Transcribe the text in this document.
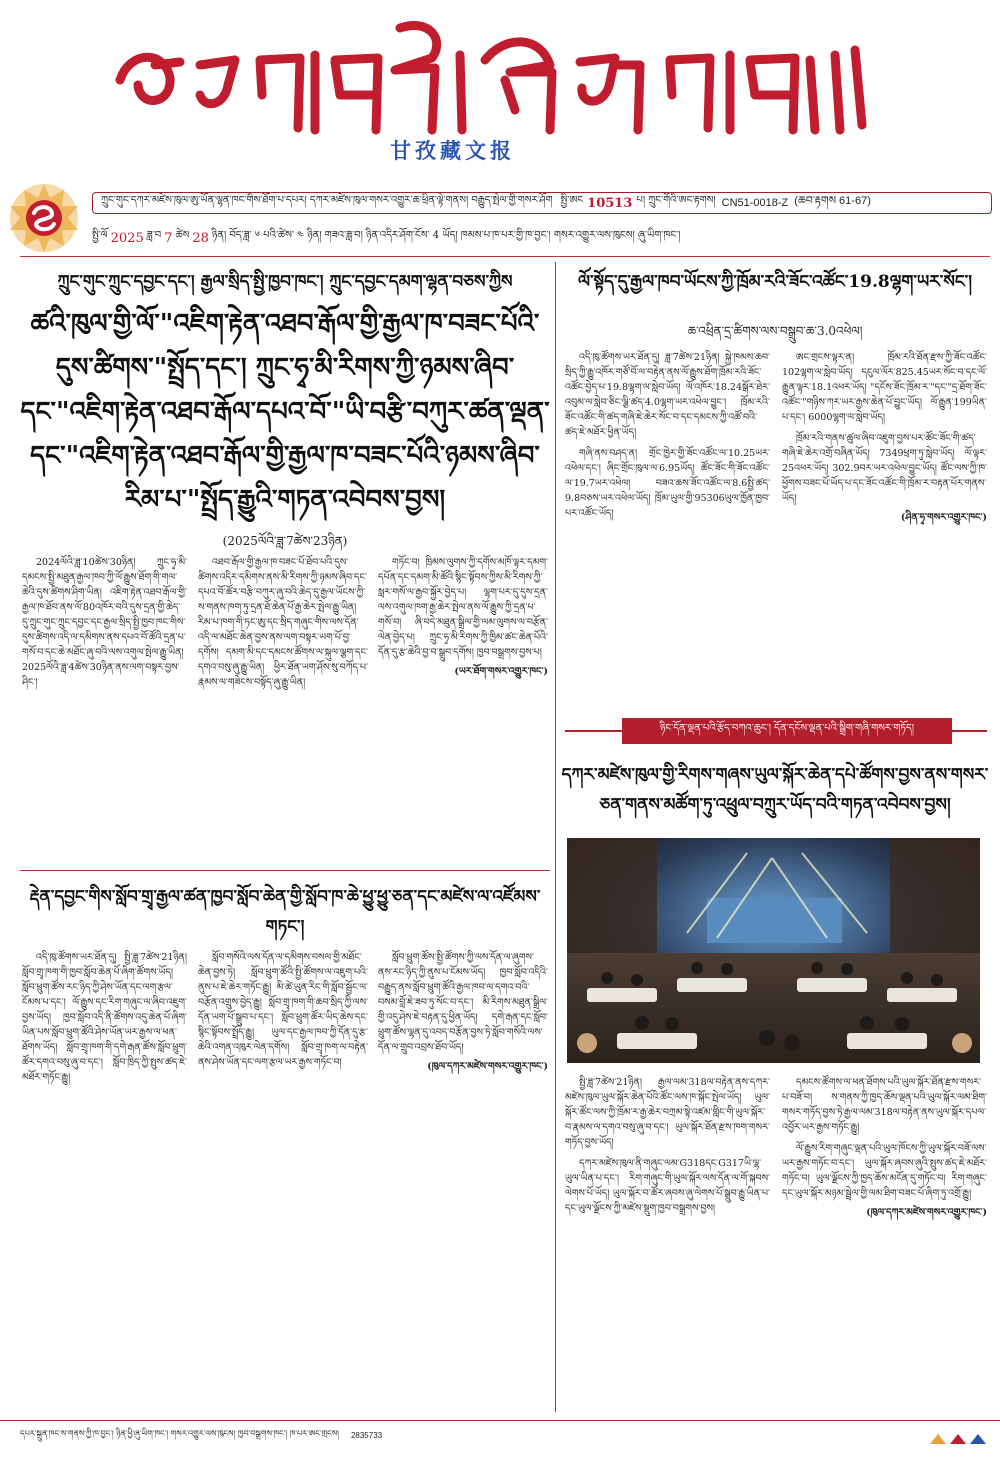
甘孜藏文报
ཀྲུང་གུང་དཀར་མཛེས་ཁུལ་ཨུ་ཡོན་ལྷན་ཁང་གིས་ཐོག་པ་དཔར། དཀར་མཛེས་ཁུལ་གསར་འགྱུར་ཆ་ཕྲིན་ལྟེ་གནས། བརྒྱུད་སྤེལ་གྱི་གསར་ཤོག སྤྱི་ཨང 10513 པ། ཀྲུང་གོའི་ཨང་རྟགས། CN51-0018-Z (ཆབ་རྟགས 61-67)
སྤྱི་ལོ 2025 ཟླ་བ 7 ཚེས 28 ཉིན། བོད་ཟླ་ ༦ པའི་ཚེས་ ༤ ཉིན། གཟའ་ཟླ་བ། ཉིན་འདིར་ཤོག་ངོས་ 4 ཡོད། ཁམས་པ་ཁ་པར་གྱི་ཁ་བྱང་། གསར་འགྱུར་ལས་ཁུངས། ཞུ་ཡིག་ཁང་།
ཀྲུང་གུང་ཀྲུང་དབྱང་དང་། རྒྱལ་སྲིད་སྤྱི་ཁྱབ་ཁང་། ཀྲུང་དབྱང་དམག་ལྷན་བཅས་ཀྱིས
ཚའི་ཁུལ་གྱི་ལོ་"འཇིག་རྟེན་འཐབ་རྒོལ་གྱི་རྒྱལ་ཁ་བཟང་པོའི་དུས་ཚིགས་"སྤྲོད་དང་། ཀྲུང་ཧྭ་མི་རིགས་ཀྱི་ཉམས་ཞིབ་དང་"འཇིག་རྟེན་འཐབ་རྒོལ་དཔའ་བོ་"ཡི་བརྩི་བཀུར་ཚན་ལྡན་དང་"འཇིག་རྟེན་འཐབ་རྒོལ་གྱི་རྒྱལ་ཁ་བཟང་པོའི་ཉམས་ཞིབ་རིམ་པ་"སྤྲོད་རྒྱུའི་གཏན་འབེབས་བྱས།
(2025ལོའི་ཟླ་7ཚེས་23ཉིན)

2024ལོའི་ཟླ་10ཚེས་30ཉིན། ཀྲུང་ཧྭ་མི་དམངས་སྤྱི་མཐུན་རྒྱལ་ཁབ་ཀྱི་ལོ་རྒྱུས་ཐོག་གི་གལ་ཆེའི་དུས་ཚིགས་ཤིག་ཡིན། འཇིག་རྟེན་འཐབ་རྒོལ་གྱི་རྒྱལ་ཁ་ཐོབ་ནས་ལོ་80འཁོར་བའི་དུས་དྲན་གྱི་ཆེད་དུ་ཀྲུང་གུང་ཀྲུང་དབྱང་དང་རྒྱལ་སྲིད་སྤྱི་ཁྱབ་ཁང་གིས་དུས་ཚིགས་འདི་ལ་དམིགས་ནས་དཔའ་བོ་ཚོའི་དྲན་པ་གསོ་བ་དང་ཆེ་མཐོང་ཞུ་བའི་ལས་འགུལ་སྤེལ་རྒྱུ་ཡིན། 2025ལོའི་ཟླ་4ཚེས་30ཉིན་ནས་ལག་བསྟར་བྱས་ཤིང་།

འཐབ་རྒོལ་གྱི་རྒྱལ་ཁ་བཟང་པོ་ཐོབ་པའི་དུས་ཚིགས་འདིར་དམིགས་ནས་མི་རིགས་ཀྱི་ཉམས་ཞིབ་དང་དཔའ་བོ་ཚོར་བརྩི་བཀུར་ཞུ་བའི་ཆེད་དུ་རྒྱལ་ཡོངས་ཀྱི་ས་གནས་ཁག་ཏུ་དྲན་ཐོ་ཆེན་པོ་རྒྱ་ཆེར་སྤེལ་རྒྱུ་ཡིན། རིམ་པ་ཁག་གི་ཏང་ཨུ་དང་སྲིད་གཞུང་གིས་ལས་དོན་འདི་ལ་མཐོང་ཆེན་བྱས་ནས་ལག་བསྟར་ཡག་པོ་བྱ་དགོས། དམག་མི་དང་དམངས་ཚོགས་ལ་སྐུལ་ལྕག་དང་དགའ་བསུ་ཞུ་རྒྱུ་ཡིན། ཕྱིར་ཐོན་ཡག་ཤོས་སུ་བཀོད་པ་རྣམས་ལ་གཟེངས་བསྟོད་ཞུ་རྒྱུ་ཡིན།

གཏོང་བ། ཁྲིམས་ལུགས་ཀྱི་དགོས་མཁོ་ལྟར་དམག་དཔོན་དང་དམག་མི་ཚོའི་སྙིང་སྟོབས་ཀྱིས་མི་རིགས་ཀྱི་སླར་གསོ་ལ་རྒྱབ་སྐྱོར་བྱེད་པ། ལྷག་པར་དུ་དུས་དྲན་ལས་འགུལ་ཁག་རྒྱ་ཆེར་སྤེལ་ནས་ལོ་རྒྱུས་ཀྱི་དྲན་པ་གསོ་བ། ཞི་བདེ་མཐུན་སྒྲིལ་གྱི་ལམ་ལུགས་ལ་བརྩོན་ལེན་བྱེད་པ། ཀྲུང་ཧྭ་མི་རིགས་ཀྱི་ཁྱིམ་ཚང་ཆེན་པོའི་དོན་དུ་རྩ་ཆེའི་བྱ་བ་སྒྲུབ་དགོས། ཁྱབ་བསྒྲགས་བྱས་པ།

(ཡར་ཐོག་གསར་འགྱུར་ཁང་)

ལོ་སྟོད་དུ་རྒྱལ་ཁབ་ཡོངས་ཀྱི་ཁྲོམ་རའི་ཟོང་འཚོང་19.8ལྷག་ཡར་སོང་།
ཆ་འཕྲིན་དྲ་ཚིགས་ལས་བསྒྲུབ་ཆ་3.0འཕེལ།

འདི་ཁུ་ཚོགས་ཡར་ཐོན་དུ། ཟླ་7ཚེས་21ཉིན། སྐྱེ་ཁམས་ཆབ་སྲིད་ཀྱི་རྒྱུ་འཁོར་གཙོ་བོ་ལ་བརྟེན་ནས་ལོ་རྒྱུས་ཐོག་ཁྲོམ་རའི་ཟོང་འཚོང་བྱེད་པ་19.8ལྷག་ལ་སླེབ་ཡོད། ལོ་འཁོར་18.24སྒོར་ཐེར་འབུམ་ལ་སླེབ་ཅིང་ལྕི་ཚད་4.0ལྷག་ཡར་འཕེལ་བྱུང་། ཁྲོམ་རའི་ཟོང་འཚོང་གི་ཚད་གཞི་ཇེ་ཆེར་སོང་བ་དང་དམངས་ཀྱི་འཚོ་བའི་ཚད་ཇེ་མཐོར་ཕྱིན་ཡོད།

གཞི་ནས་བཤད་ན། གྲོང་ཁྱེར་གྱི་ཟོང་འཚོང་ལ་10.25ཡར་འཕེལ་དང་། ཞིང་གྲོང་ཁུལ་ལ་6.95ཡོད། ཚོང་ཟོང་གི་ཟོང་འཚོང་ལ་19.7ཡར་འཕེལ། བཟའ་ཆས་ཟོང་འཚོང་ལ་8.6སྤྱི་ཚད་9.8བཅས་ཡར་འཕེལ་ཡོད། ཁྲོམ་ཡུལ་གྱི་95306ཡུལ་ཁྱོན་ཁྱབ་པར་འཚོང་ཡོད།

ཨང་གྲངས་ལྟར་ན། ཁྲོམ་རའི་ཐོན་རྫས་ཀྱི་ཟོང་འཚོང་102ལྷག་ལ་སླེབ་ཡོད། དངུལ་ལོར་825.45ཡར་སོང་བ་དང་ལོ་རྒྱུན་ལྟར་18.1འཕར་ཡོད། "དངོས་ཟོང་ཁྲོམ་ར་"དང་"དྲ་ཐོག་ཟོང་འཚོང་"གཉིས་ཀར་ཡར་རྒྱས་ཆེན་པོ་བྱུང་ཡོད། ལོ་རྒྱུན་199ཡིན་པ་དང་། 6000ལྷག་ལ་སླེབ་ཡོད།

ཁྲོམ་རའི་གནས་ཚུལ་ཞིབ་འཇུག་བྱས་པར་ཚོང་ཟོང་གི་ཚད་གཞི་ཇེ་ཆེར་འགྲོ་བཞིན་ཡོད། 7349ཕྲག་ཏུ་སླེབ་ཡོད། ལོ་ལྟར་25འཕར་ཡོད། 302.9བར་ཡར་འཕེལ་བྱུང་ཡོད། ཚོང་ལས་ཀྱི་ཁ་ཕྱོགས་བཟང་པོ་ཡོད་པ་དང་ཟོང་འཚོང་གི་ཁྲོམ་ར་བརྟན་པོར་གནས་ཡོད།

(ཤིན་ཧྭ་གསར་འགྱུར་ཁང་)

ཉིང་དོན་ལྡན་པའི་རྩོད་བཀའ་ཆུང་། དོན་དངོས་ལྡན་པའི་སྒྲིག་གཞི་གསར་གཏོད།
དཀར་མཛེས་ཁུལ་གྱི་རིགས་གཞས་ཡུལ་སྐོར་ཆེན་དཔེ་ཚོགས་བྱས་ནས་གསར་ཅན་གནས་མཚོག་ཏུ་འཕྲུལ་བཀྲུར་ཡོད་བའི་གཏན་འབེབས་བྱས།

སྤྱི་ཟླ་7ཚེས་21ཉིན། རྒྱལ་ལམ་318ལ་བརྟེན་ནས་དཀར་མཛེས་ཁུལ་ཡུལ་སྐོར་ཆེན་པོའི་ཚོང་ལས་ཁ་སྐོང་སྤེལ་ཡོད། ཡུལ་སྐོར་ཚོང་ལས་ཀྱི་ཁྲོམ་ར་རྒྱ་ཆེར་བཀྲམ་སྟེ་འཛམ་གླིང་གི་ཡུལ་སྐོར་བ་རྣམས་ལ་དགའ་བསུ་ཞུ་བ་དང་། ཡུལ་སྐོར་ཐོན་རྫས་ཁག་གསར་གཏོད་བྱས་ཡོད།

དཀར་མཛེས་ཁུལ་ནི་གཞུང་ལམ་G318དང་G317ཡི་ལྷ་ཡུལ་ཡིན་པ་དང་། རིག་གཞུང་གི་ཡུལ་སྐོར་ལས་དོན་ལ་གོ་སྐབས་ལེགས་པོ་ཡོད། ཡུལ་སྐོར་བ་ཚོར་ཞབས་ཞུ་ལེགས་པོ་སྒྲུབ་རྒྱུ་ཡིན་པ་དང་ཡུལ་ལྗོངས་ཀྱི་མཛེས་སྡུག་ཁྱབ་བསྒྲགས་བྱས།

དམངས་ཚོགས་ལ་ཕན་ཐོགས་པའི་ཡུལ་སྐོར་ཐོན་རྫས་གསར་པ་བཟོ་བ། ས་གནས་ཀྱི་ཁྱད་ཆོས་ལྡན་པའི་ཡུལ་སྐོར་ལམ་ཐིག་གསར་གཏོད་བྱས་ཏེ་རྒྱལ་ལམ་318ལ་བརྟེན་ནས་ཡུལ་སྐོར་དཔལ་འབྱོར་ཡར་རྒྱས་གཏོང་རྒྱུ།

ལོ་རྒྱུས་རིག་གཞུང་ལྡན་པའི་ཡུལ་ཁོངས་ཀྱི་ཡུལ་སྐོར་བཟོ་ལས་ཡར་རྒྱས་གཏོང་བ་དང་། ཡུལ་སྐོར་ཞབས་ཞུའི་སྤུས་ཚད་ཇེ་མཐོར་གཏོང་བ། ཡུལ་ལྗོངས་ཀྱི་ཁྱད་ཆོས་མངོན་དུ་གཏོང་བ། རིག་གཞུང་དང་ཡུལ་སྐོར་མཉམ་སྦྲེལ་གྱི་ལམ་ཐིག་བཟང་པོ་ཞིག་ཏུ་འགྲོ་རྒྱུ།

(ཁུལ་དཀར་མཛེས་གསར་འགྱུར་ཁང་)

རྡེན་དབྱང་གིས་སློབ་གྲྭ་རྒྱལ་ཚན་ཁྱབ་སློབ་ཆེན་གྱི་སློབ་ཁ་ཆེ་ཕྱུ་ཕྱུ་ཅན་དང་མཛེས་ལ་འཛོམས་གཏང་།

འདི་ཁུ་ཚོགས་ཡར་ཐོན་དུ། སྤྱི་ཟླ་7ཚེས་21ཉིན། སློབ་གྲྭ་ཁག་གི་ཁྱབ་སློབ་ཆེན་པོ་ཞིག་ཚོགས་ཡོད། སློབ་ཕྲུག་ཚོས་རང་ཉིད་ཀྱི་ཤེས་ཡོན་དང་ལག་རྩལ་ངོམས་པ་དང་། ལོ་རྒྱུས་དང་རིག་གཞུང་ལ་ཞིབ་འཇུག་བྱས་ཡོད། ཁྱབ་སློབ་འདི་ནི་ཚོགས་འདུ་ཆེན་པོ་ཞིག་ཡིན་པས་སློབ་ཕྲུག་ཚོའི་ཤེས་ཡོན་ཡར་རྒྱས་ལ་ཕན་ཐོགས་ཡོད། སློབ་གྲྭ་ཁག་གི་དགེ་རྒན་ཚོས་སློབ་ཕྲུག་ཚོར་དགའ་བསུ་ཞུ་བ་དང་། སློབ་ཁྲིད་ཀྱི་སྤུས་ཚད་ཇེ་མཐོར་གཏོང་རྒྱུ།

སློབ་གསོའི་ལས་དོན་ལ་དམིགས་བསལ་གྱི་མཐོང་ཆེན་བྱས་ཏེ། སློབ་ཕྲུག་ཚོའི་སྤྱི་ཚོགས་ལ་འཇུག་པའི་ནུས་པ་ཇེ་ཆེར་གཏོང་རྒྱུ། མི་ཚེ་ཡུན་རིང་གི་སློབ་སྦྱོང་ལ་བརྩོན་འགྲུས་བྱེད་རྒྱུ། སློབ་གྲྭ་ཁག་གི་ཆབ་སྲིད་ཀྱི་ལས་དོན་ཡག་པོ་སྒྲུབ་པ་དང་། སློབ་ཕྲུག་ཚོར་ཡིད་ཆེས་དང་སྙིང་སྟོབས་སྤྲོད་རྒྱུ། ཡུལ་དང་རྒྱལ་ཁབ་ཀྱི་དོན་དུ་རྩ་ཆེའི་འགན་འཁུར་ལེན་དགོས། སློབ་གྲྭ་ཁག་ལ་བརྟེན་ནས་ཤེས་ཡོན་དང་ལག་རྩལ་ཡར་རྒྱས་གཏོང་བ།

སློབ་ཕྲུག་ཚོས་སྤྱི་ཚོགས་ཀྱི་ལས་དོན་ལ་ཞུགས་ནས་རང་ཉིད་ཀྱི་ནུས་པ་ངོམས་ཡོད། ཁྱབ་སློབ་འདིའི་བརྒྱུད་ནས་སློབ་ཕྲུག་ཚོའི་རྒྱལ་ཁབ་ལ་དགའ་བའི་བསམ་བློ་ཇེ་ཟབ་ཏུ་སོང་བ་དང་། མི་རིགས་མཐུན་སྒྲིལ་གྱི་འདུ་ཤེས་ཇེ་བརྟན་དུ་ཕྱིན་ཡོད། དགེ་རྒན་དང་སློབ་ཕྲུག་ཚོས་ལྷན་དུ་འབད་བརྩོན་བྱས་ཏེ་སློབ་གསོའི་ལས་དོན་ལ་གྲུབ་འབྲས་ཐོབ་ཡོད།

(ཁུལ་དཀར་མཛེས་གསར་འགྱུར་ཁང་)

དཔར་སྐྲུན་ཁང་ས་གནས་ཀྱི་ཁ་བྱང་། ཉིན་ཕྱི་ཞུ་ཡིག་ཁང་། གསར་འགྱུར་ལས་ཁུངས། ཁྱབ་བསྒྲགས་ཁང་། ཁ་པར་ཨང་གྲངས། 2835733
